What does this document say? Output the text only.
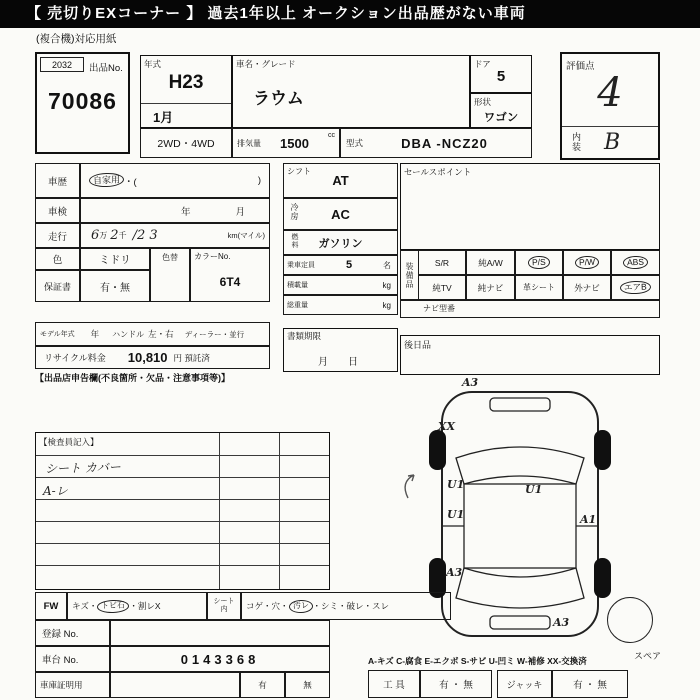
【 売切りEXコーナー 】 過去1年以上 オークション出品歴がない車両
(複合機)対応用紙
2032	出品No.
70086
年式
H23
1月
車名・グレード
ラウム
ドア
5
形状
ワゴン
2WD・4WD	排気量	1500	cc
型式	DBA -NCZ20
評価点
4
内装 B
車歴	自家用 ・(	)
車検	年	月
走行	6 万 2 千 /2 3	km(マイル)
色	ミドリ	色替	カラーNo.
6T4
保証書	有・無
モデル年式 年 ハンドル 左・右 ディーラー・並行
リサイクル料金 10,810 円 預託済
【出品店申告欄(不良箇所・欠品・注意事項等)】
シフト
AT
冷房	AC
燃料	ガソリン
乗車定員	5	名
積載量	kg
総重量	kg
書類期限
月　日
セールスポイント
装備品 S/R	純A/W	P/S	P/W	ABS
純TV	純ナビ 革シート 外ナビ	エアB
ナビ型番
後日品
【検査員記入】
シート カバー
A-レ
A3
XX
U1
U1
U1
A1
A3
A3
スペア
FW	キズ・ トビ石 ・割レX	シート内	コゲ・穴・ 汚レ ・シミ・破レ・スレ
登録 No.
車台 No.	0143368
車庫証明用	有	無
A-キズ C-腐食 E-エクボ S-サビ U-凹ミ W-補修 XX-交換済
工 具	有 ・ 無	ジャッキ	有 ・ 無
